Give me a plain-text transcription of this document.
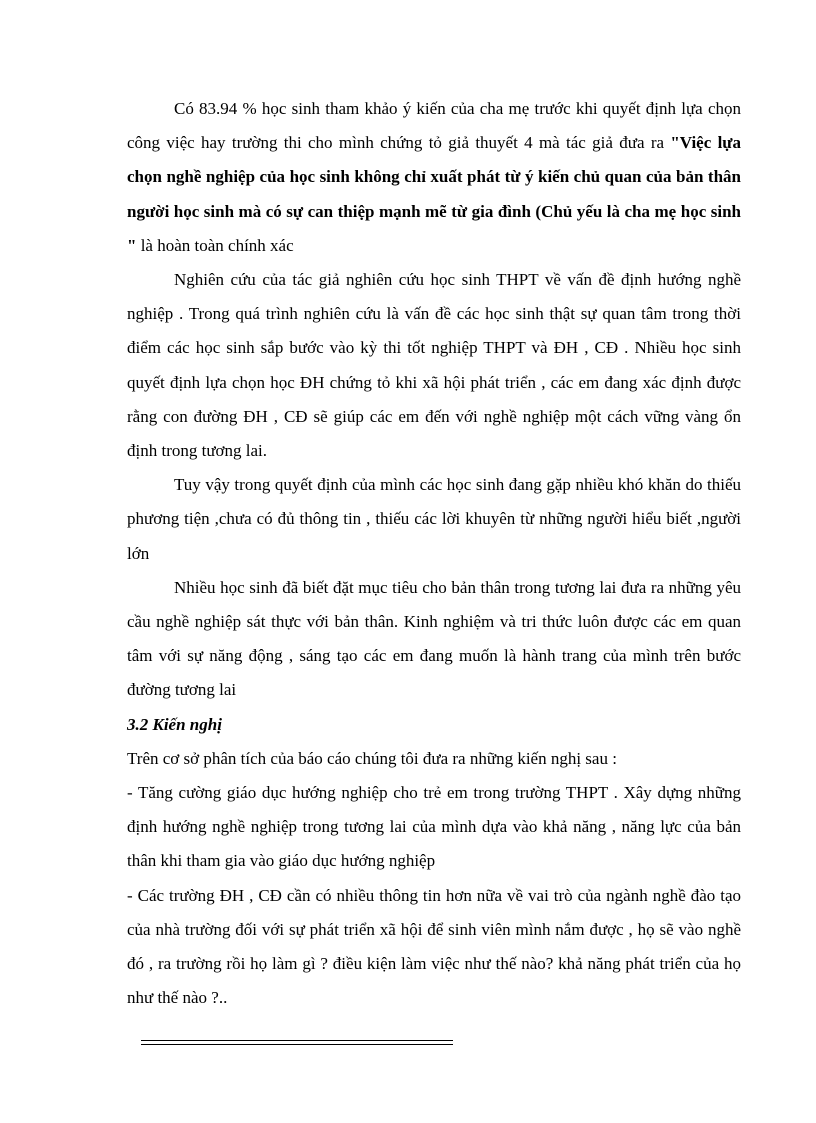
Có 83.94 % học sinh tham khảo ý kiến của cha mẹ trước khi quyết định lựa chọn công việc hay trường thi cho mình chứng tỏ giả thuyết 4 mà tác giả đưa ra "Việc lựa chọn nghề nghiệp của học sinh không chỉ xuất phát từ ý kiến chủ quan của bản thân người học sinh mà có sự can thiệp mạnh mẽ từ gia đình (Chủ yếu là cha mẹ học sinh " là hoàn toàn chính xác

Nghiên cứu của tác giả nghiên cứu học sinh THPT về vấn đề định hướng nghề nghiệp . Trong quá trình nghiên cứu là vấn đề các học sinh thật sự quan tâm trong thời điểm các học sinh sắp bước vào kỳ thi tốt nghiệp THPT và ĐH , CĐ . Nhiều học sinh quyết định lựa chọn học ĐH chứng tỏ khi xã hội phát triển , các em đang xác định được rằng con đường ĐH , CĐ sẽ giúp các em đến với nghề nghiệp một cách vững vàng ổn định trong tương lai.

Tuy vậy trong quyết định của mình các học sinh đang gặp nhiều khó khăn do thiếu phương tiện ,chưa có đủ thông tin , thiếu các lời khuyên từ những người hiểu biết ,người lớn

Nhiều học sinh đã biết đặt mục tiêu cho bản thân trong tương lai đưa ra những yêu cầu nghề nghiệp sát thực với bản thân. Kinh nghiệm và tri thức luôn được các em quan tâm với sự năng động , sáng tạo các em đang muốn là hành trang của mình trên bước đường tương lai

3.2 Kiến nghị

Trên cơ sở phân tích của báo cáo chúng tôi đưa ra những kiến nghị sau :

- Tăng cường giáo dục hướng nghiệp cho trẻ em trong trường THPT . Xây dựng những định hướng nghề nghiệp trong tương lai của mình dựa vào khả năng , năng lực của bản thân khi tham gia vào giáo dục hướng nghiệp

- Các trường ĐH , CĐ cần có nhiều thông tin hơn nữa về vai trò của ngành nghề đào tạo của nhà trường đối với sự phát triển xã hội để sinh viên mình nắm được , họ sẽ vào nghề đó , ra trường rồi họ làm gì ? điều kiện làm việc như thế nào? khả năng phát triển của họ như thế nào ?..
